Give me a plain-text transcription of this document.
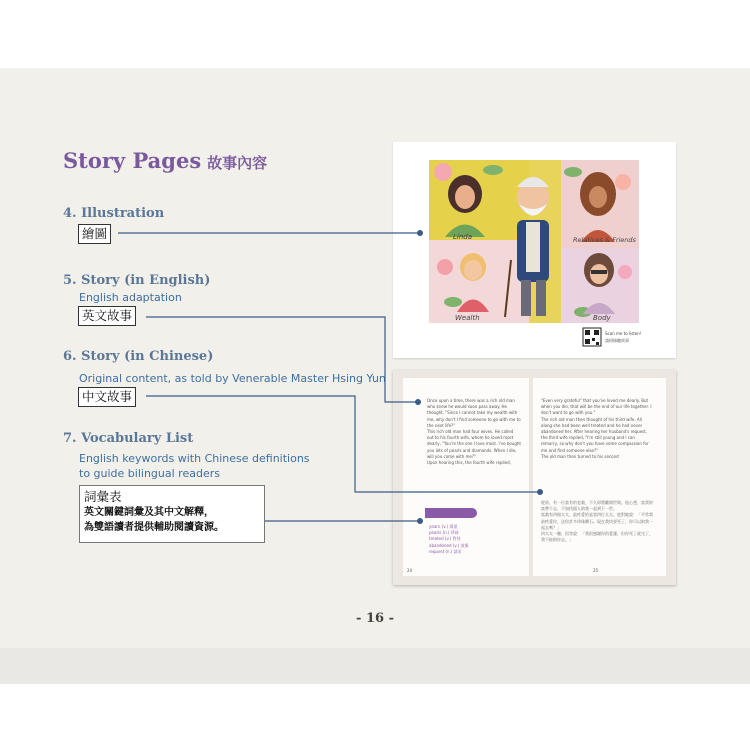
Story Pages 故事內容
4. Illustration
繪圖
5. Story (in English)
English adaptation
英文故事
6. Story (in Chinese)
Original content, as told by Venerable Master Hsing Yun
中文故事
7. Vocabulary List
English keywords with Chinese definitions
to guide bilingual readers
詞彙表
英文關鍵詞彙及其中文解釋，
為雙語讀者提供輔助閱讀資源。
Linda	Relatives & Friends
Wealth	Body
Scan me to listen!
請掃描聽故事
Once upon a time, there was a rich old man who knew he would soon pass away. He thought, "Since I cannot take my wealth with me, why don't I find someone to go with me to the next life?"
This rich old man had four wives. He called out to his fourth wife, whom he loved most dearly, "You're the one I love most. I've bought you lots of pearls and diamonds. When I die, will you come with me?"
Upon hearing this, the fourth wife replied,
VOCABULARY
yearn (v.) 渴望
pearls (n.) 珍珠
treated (v.) 對待
abandoned (v.) 放棄
request (n.) 請求
24
"Even very grateful" that you've loved me dearly. But when you die, that will be the end of our life together. I don't want to go with you."
The rich old man then thought of his third wife. All along she had been well treated and he had never abandoned her. After hearing her husband's request, the third wife replied, "I'm still young and I can remarry, so why don't you have some compassion for me and find someone else?"
The old man then turned to his second
從前，有一位富有的老翁，不久即將離開世間。他心想，富貴財富帶不去，不如找個人陪我一起到下一世。
富翁有四個太太，最疼愛的是第四位太太。他對她說：「平常我最疼愛你，送你許多珍珠鑽石。現在我快要死了，你可以陪我一起去嗎？」
四太太一聽，回答說：「我很感謝你的愛護，但你死了就完了，我不能陪你去。」
25
- 16 -
